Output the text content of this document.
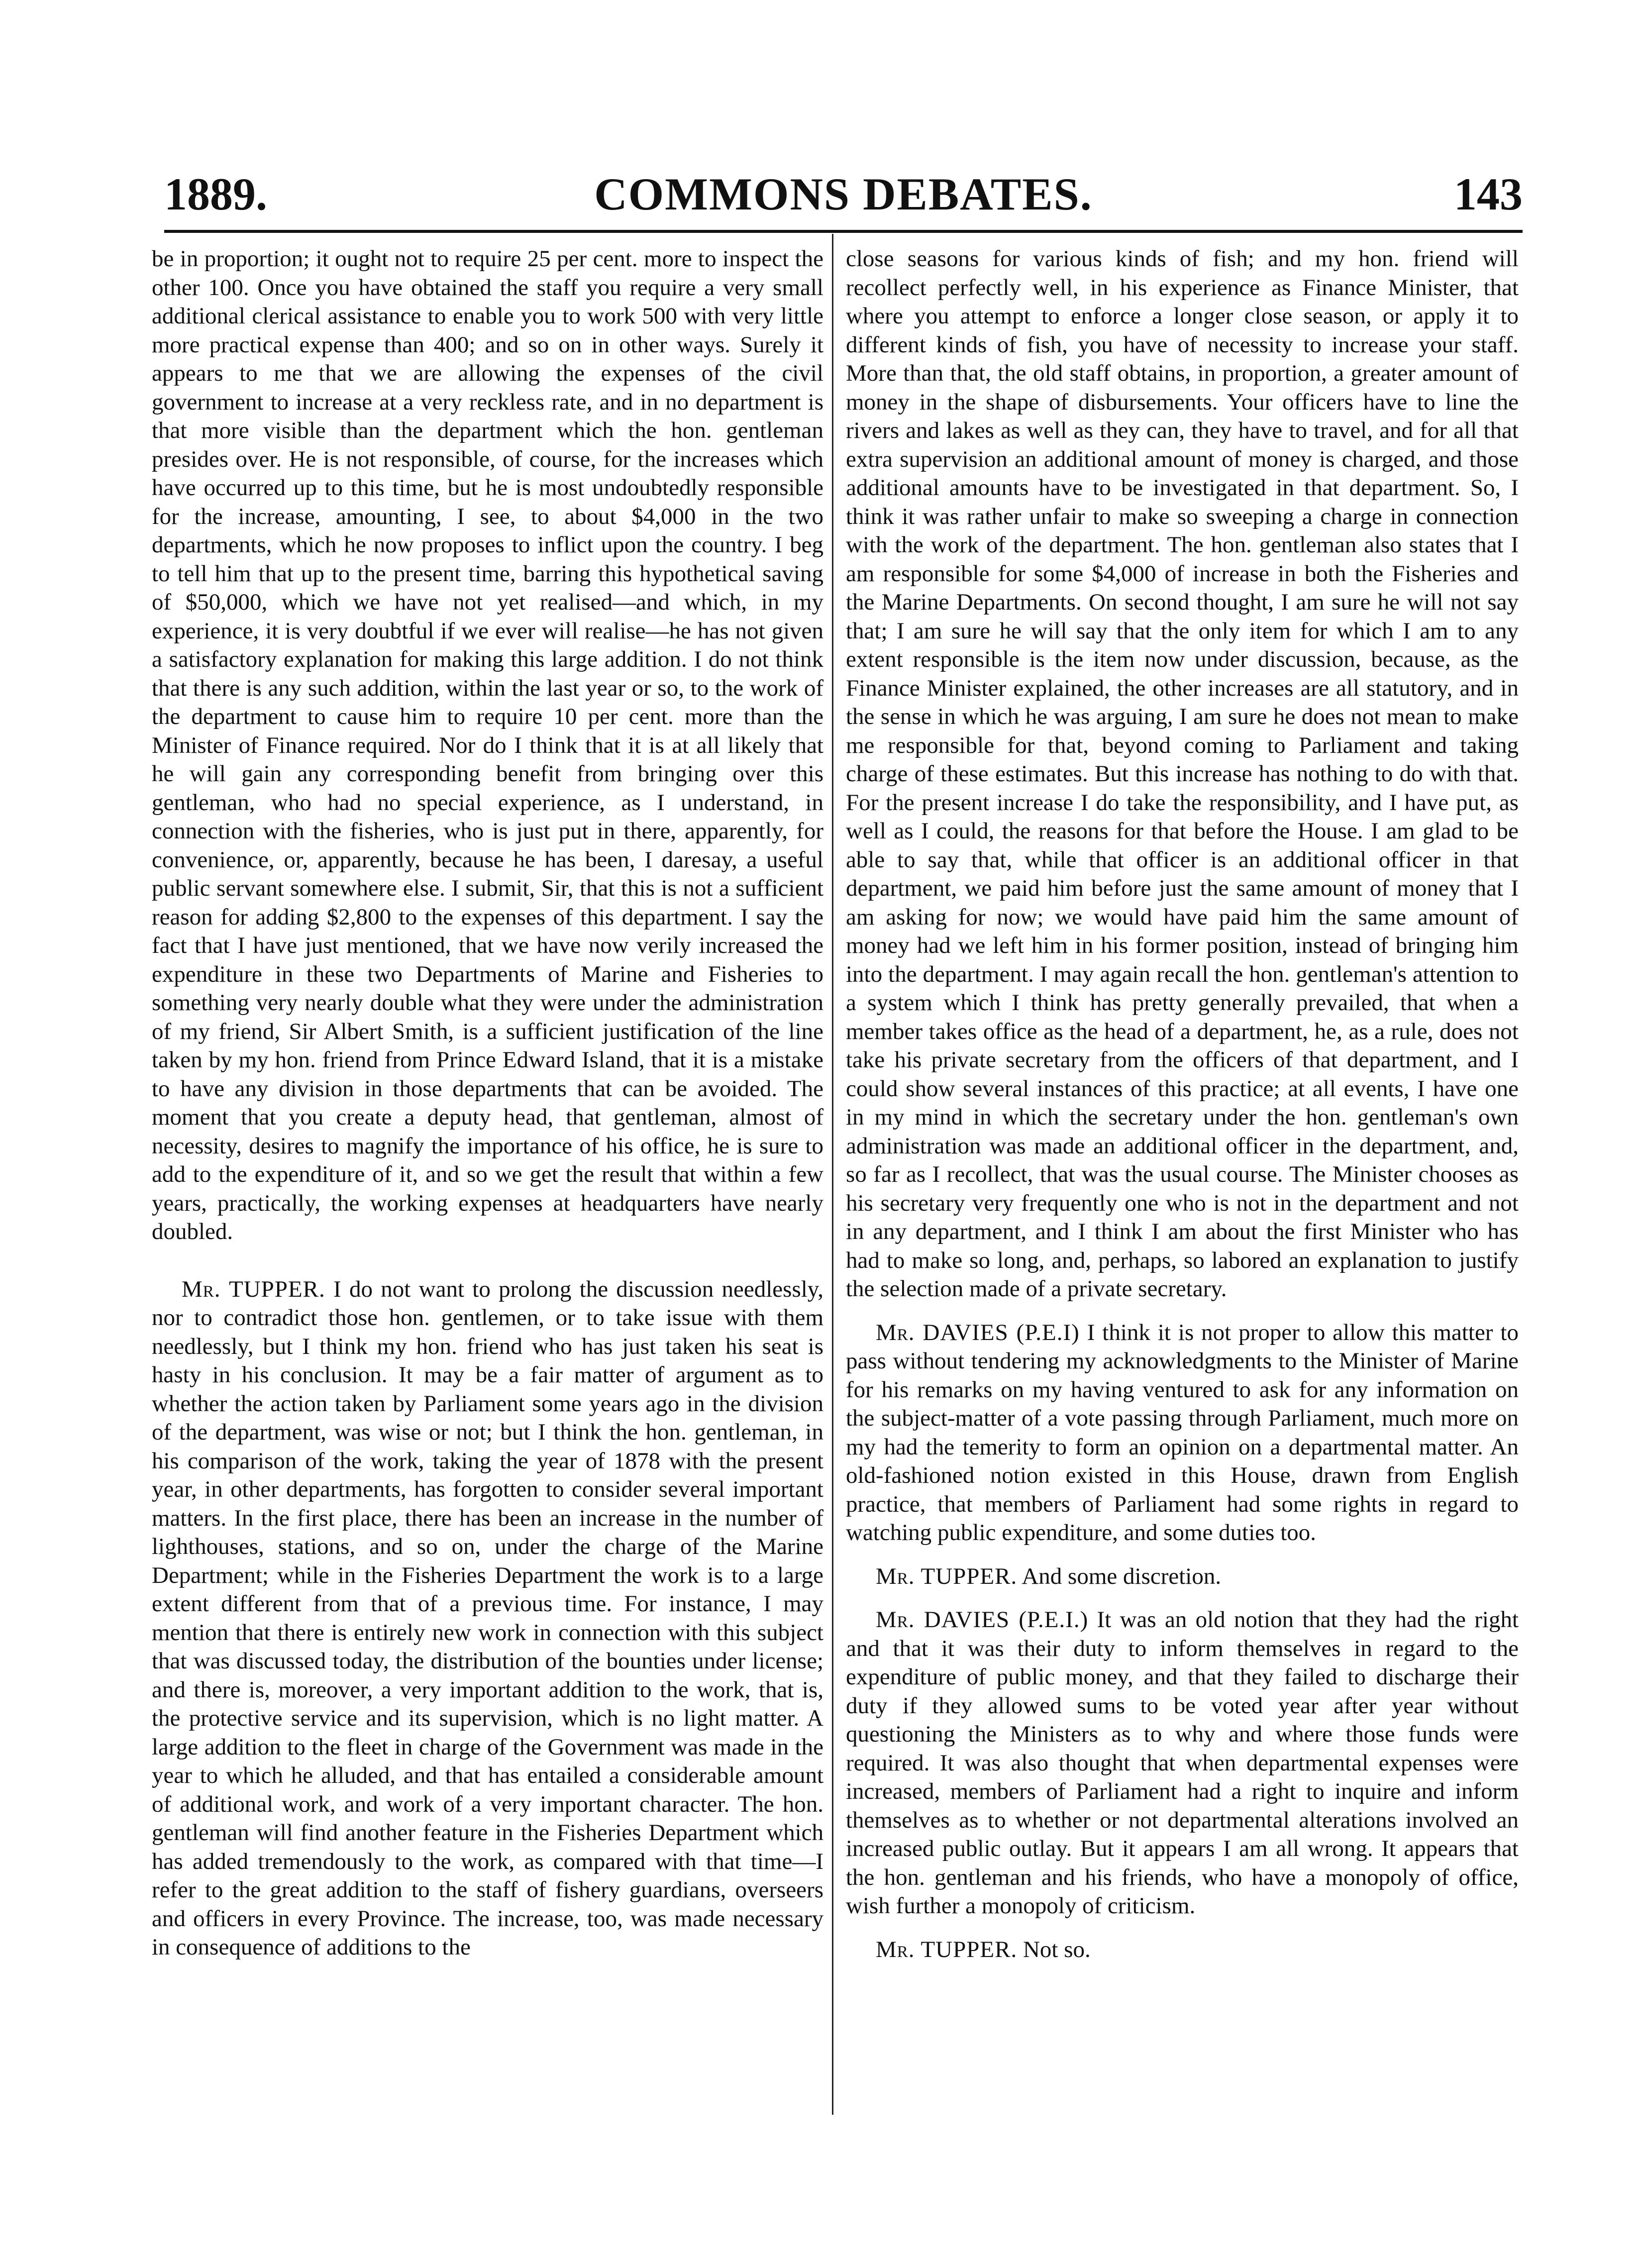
1889.	COMMONS DEBATES.	143

be in proportion; it ought not to require 25 per cent. more to inspect the other 100. Once you have obtained the staff you require a very small additional clerical assistance to enable you to work 500 with very little more practical expense than 400; and so on in other ways. Surely it appears to me that we are allowing the expenses of the civil government to increase at a very reckless rate, and in no department is that more visible than the department which the hon. gentleman presides over. He is not responsible, of course, for the increases which have occurred up to this time, but he is most undoubtedly responsible for the increase, amounting, I see, to about $4,000 in the two departments, which he now proposes to inflict upon the country. I beg to tell him that up to the present time, barring this hypothetical saving of $50,000, which we have not yet realised—and which, in my experience, it is very doubtful if we ever will realise—he has not given a satisfactory explanation for making this large addition. I do not think that there is any such addition, within the last year or so, to the work of the department to cause him to require 10 per cent. more than the Minister of Finance required. Nor do I think that it is at all likely that he will gain any corresponding benefit from bringing over this gentleman, who had no special experience, as I understand, in connection with the fisheries, who is just put in there, apparently, for convenience, or, apparently, because he has been, I daresay, a useful public servant somewhere else. I submit, Sir, that this is not a sufficient reason for adding $2,800 to the expenses of this department. I say the fact that I have just mentioned, that we have now verily increased the expenditure in these two Departments of Marine and Fisheries to something very nearly double what they were under the administration of my friend, Sir Albert Smith, is a sufficient justification of the line taken by my hon. friend from Prince Edward Island, that it is a mistake to have any division in those departments that can be avoided. The moment that you create a deputy head, that gentleman, almost of necessity, desires to magnify the importance of his office, he is sure to add to the expenditure of it, and so we get the result that within a few years, practically, the working expenses at headquarters have nearly doubled.

Mr. TUPPER. I do not want to prolong the discussion needlessly, nor to contradict those hon. gentlemen, or to take issue with them needlessly, but I think my hon. friend who has just taken his seat is hasty in his conclusion. It may be a fair matter of argument as to whether the action taken by Parliament some years ago in the division of the department, was wise or not; but I think the hon. gentleman, in his comparison of the work, taking the year of 1878 with the present year, in other departments, has forgotten to consider several important matters. In the first place, there has been an increase in the number of lighthouses, stations, and so on, under the charge of the Marine Department; while in the Fisheries Department the work is to a large extent different from that of a previous time. For instance, I may mention that there is entirely new work in connection with this subject that was discussed today, the distribution of the bounties under license; and there is, moreover, a very important addition to the work, that is, the protective service and its supervision, which is no light matter. A large addition to the fleet in charge of the Government was made in the year to which he alluded, and that has entailed a considerable amount of additional work, and work of a very important character. The hon. gentleman will find another feature in the Fisheries Department which has added tremendously to the work, as compared with that time—I refer to the great addition to the staff of fishery guardians, overseers and officers in every Province. The increase, too, was made necessary in consequence of additions to the

close seasons for various kinds of fish; and my hon. friend will recollect perfectly well, in his experience as Finance Minister, that where you attempt to enforce a longer close season, or apply it to different kinds of fish, you have of necessity to increase your staff. More than that, the old staff obtains, in proportion, a greater amount of money in the shape of disbursements. Your officers have to line the rivers and lakes as well as they can, they have to travel, and for all that extra supervision an additional amount of money is charged, and those additional amounts have to be investigated in that department. So, I think it was rather unfair to make so sweeping a charge in connection with the work of the department. The hon. gentleman also states that I am responsible for some $4,000 of increase in both the Fisheries and the Marine Departments. On second thought, I am sure he will not say that; I am sure he will say that the only item for which I am to any extent responsible is the item now under discussion, because, as the Finance Minister explained, the other increases are all statutory, and in the sense in which he was arguing, I am sure he does not mean to make me responsible for that, beyond coming to Parliament and taking charge of these estimates. But this increase has nothing to do with that. For the present increase I do take the responsibility, and I have put, as well as I could, the reasons for that before the House. I am glad to be able to say that, while that officer is an additional officer in that department, we paid him before just the same amount of money that I am asking for now; we would have paid him the same amount of money had we left him in his former position, instead of bringing him into the department. I may again recall the hon. gentleman's attention to a system which I think has pretty generally prevailed, that when a member takes office as the head of a department, he, as a rule, does not take his private secretary from the officers of that department, and I could show several instances of this practice; at all events, I have one in my mind in which the secretary under the hon. gentleman's own administration was made an additional officer in the department, and, so far as I recollect, that was the usual course. The Minister chooses as his secretary very frequently one who is not in the department and not in any department, and I think I am about the first Minister who has had to make so long, and, perhaps, so labored an explanation to justify the selection made of a private secretary.

Mr. DAVIES (P.E.I) I think it is not proper to allow this matter to pass without tendering my acknowledgments to the Minister of Marine for his remarks on my having ventured to ask for any information on the subject-matter of a vote passing through Parliament, much more on my had the temerity to form an opinion on a departmental matter. An old-fashioned notion existed in this House, drawn from English practice, that members of Parliament had some rights in regard to watching public expenditure, and some duties too.

Mr. TUPPER. And some discretion.

Mr. DAVIES (P.E.I.) It was an old notion that they had the right and that it was their duty to inform themselves in regard to the expenditure of public money, and that they failed to discharge their duty if they allowed sums to be voted year after year without questioning the Ministers as to why and where those funds were required. It was also thought that when departmental expenses were increased, members of Parliament had a right to inquire and inform themselves as to whether or not departmental alterations involved an increased public outlay. But it appears I am all wrong. It appears that the hon. gentleman and his friends, who have a monopoly of office, wish further a monopoly of criticism.

Mr. TUPPER. Not so.
